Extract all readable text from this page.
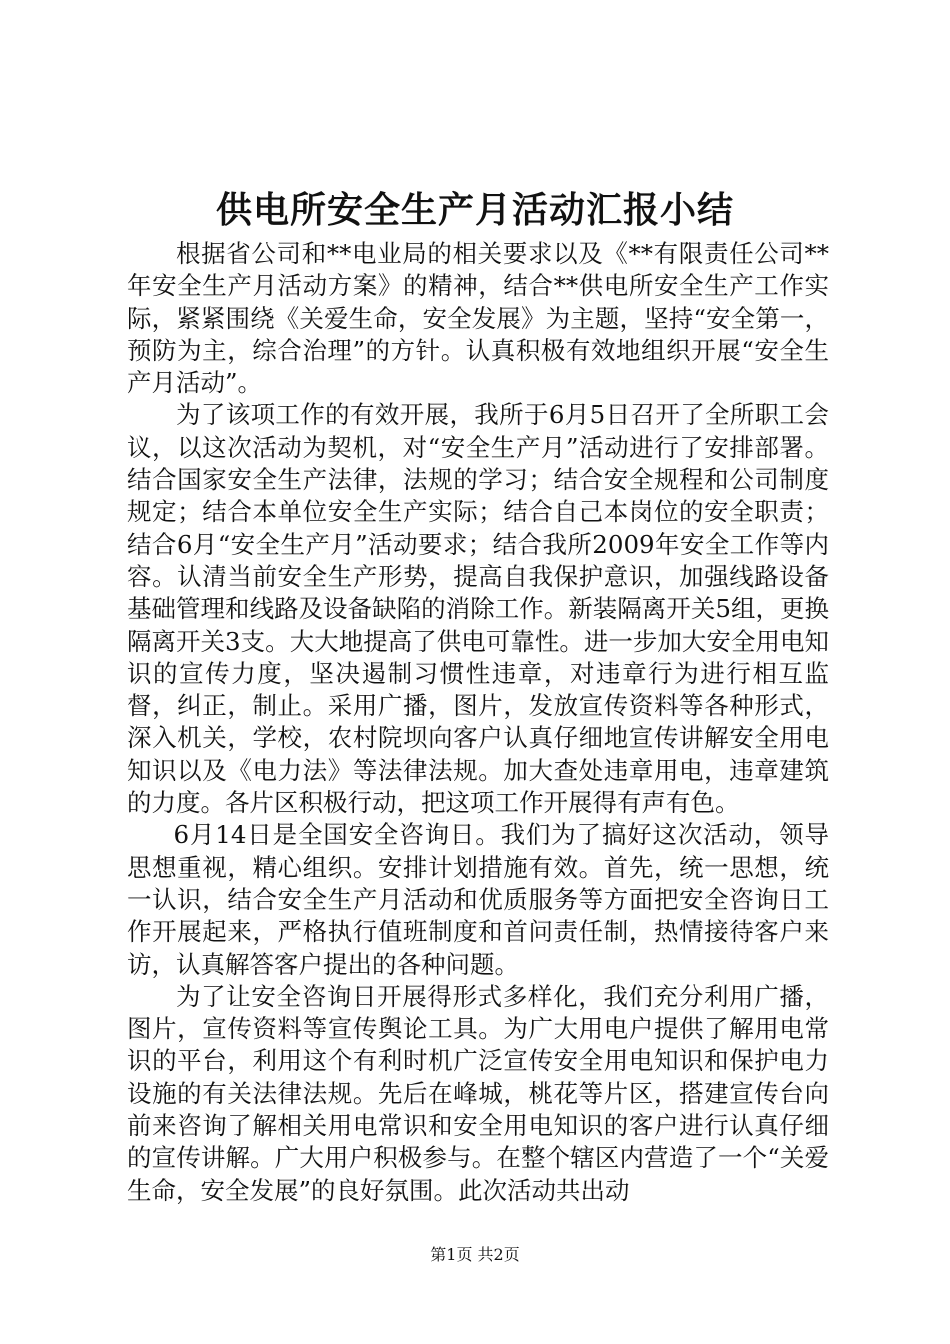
供电所安全生产月活动汇报小结

根据省公司和**电业局的相关要求以及《**有限责任公司**年安全生产月活动方案》的精神，结合**供电所安全生产工作实际，紧紧围绕《关爱生命，安全发展》为主题，坚持“安全第一，预防为主，综合治理”的方针。认真积极有效地组织开展“安全生产月活动”。

为了该项工作的有效开展，我所于6月5日召开了全所职工会议，以这次活动为契机，对“安全生产月”活动进行了安排部署。结合国家安全生产法律，法规的学习；结合安全规程和公司制度规定；结合本单位安全生产实际；结合自己本岗位的安全职责；结合6月“安全生产月”活动要求；结合我所2009年安全工作等内容。认清当前安全生产形势，提高自我保护意识，加强线路设备基础管理和线路及设备缺陷的消除工作。新装隔离开关5组，更换隔离开关3支。大大地提高了供电可靠性。进一步加大安全用电知识的宣传力度，坚决遏制习惯性违章，对违章行为进行相互监督，纠正，制止。采用广播，图片，发放宣传资料等各种形式，深入机关，学校，农村院坝向客户认真仔细地宣传讲解安全用电知识以及《电力法》等法律法规。加大查处违章用电，违章建筑的力度。各片区积极行动，把这项工作开展得有声有色。

6月14日是全国安全咨询日。我们为了搞好这次活动，领导思想重视，精心组织。安排计划措施有效。首先，统一思想，统一认识，结合安全生产月活动和优质服务等方面把安全咨询日工作开展起来，严格执行值班制度和首问责任制，热情接待客户来访，认真解答客户提出的各种问题。

为了让安全咨询日开展得形式多样化，我们充分利用广播，图片，宣传资料等宣传舆论工具。为广大用电户提供了解用电常识的平台，利用这个有利时机广泛宣传安全用电知识和保护电力设施的有关法律法规。先后在峰城，桃花等片区，搭建宣传台向前来咨询了解相关用电常识和安全用电知识的客户进行认真仔细的宣传讲解。广大用户积极参与。在整个辖区内营造了一个“关爱生命，安全发展”的良好氛围。此次活动共出动

第1页 共2页
